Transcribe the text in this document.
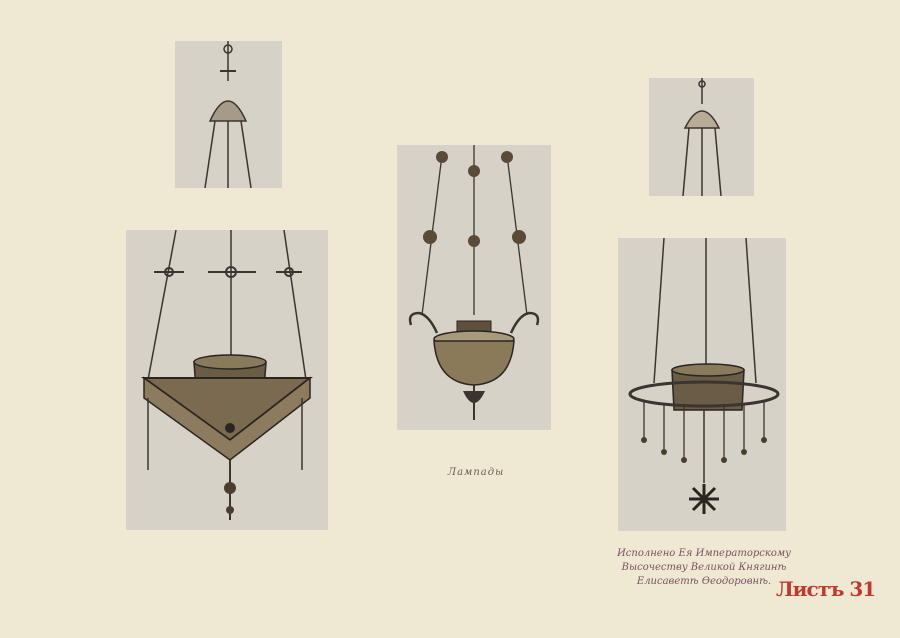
Лампады
Исполнено Ея Императорскому
Высочеству Великой Княгинѣ
Елисаветѣ Өеодоровнѣ. Листъ 31
